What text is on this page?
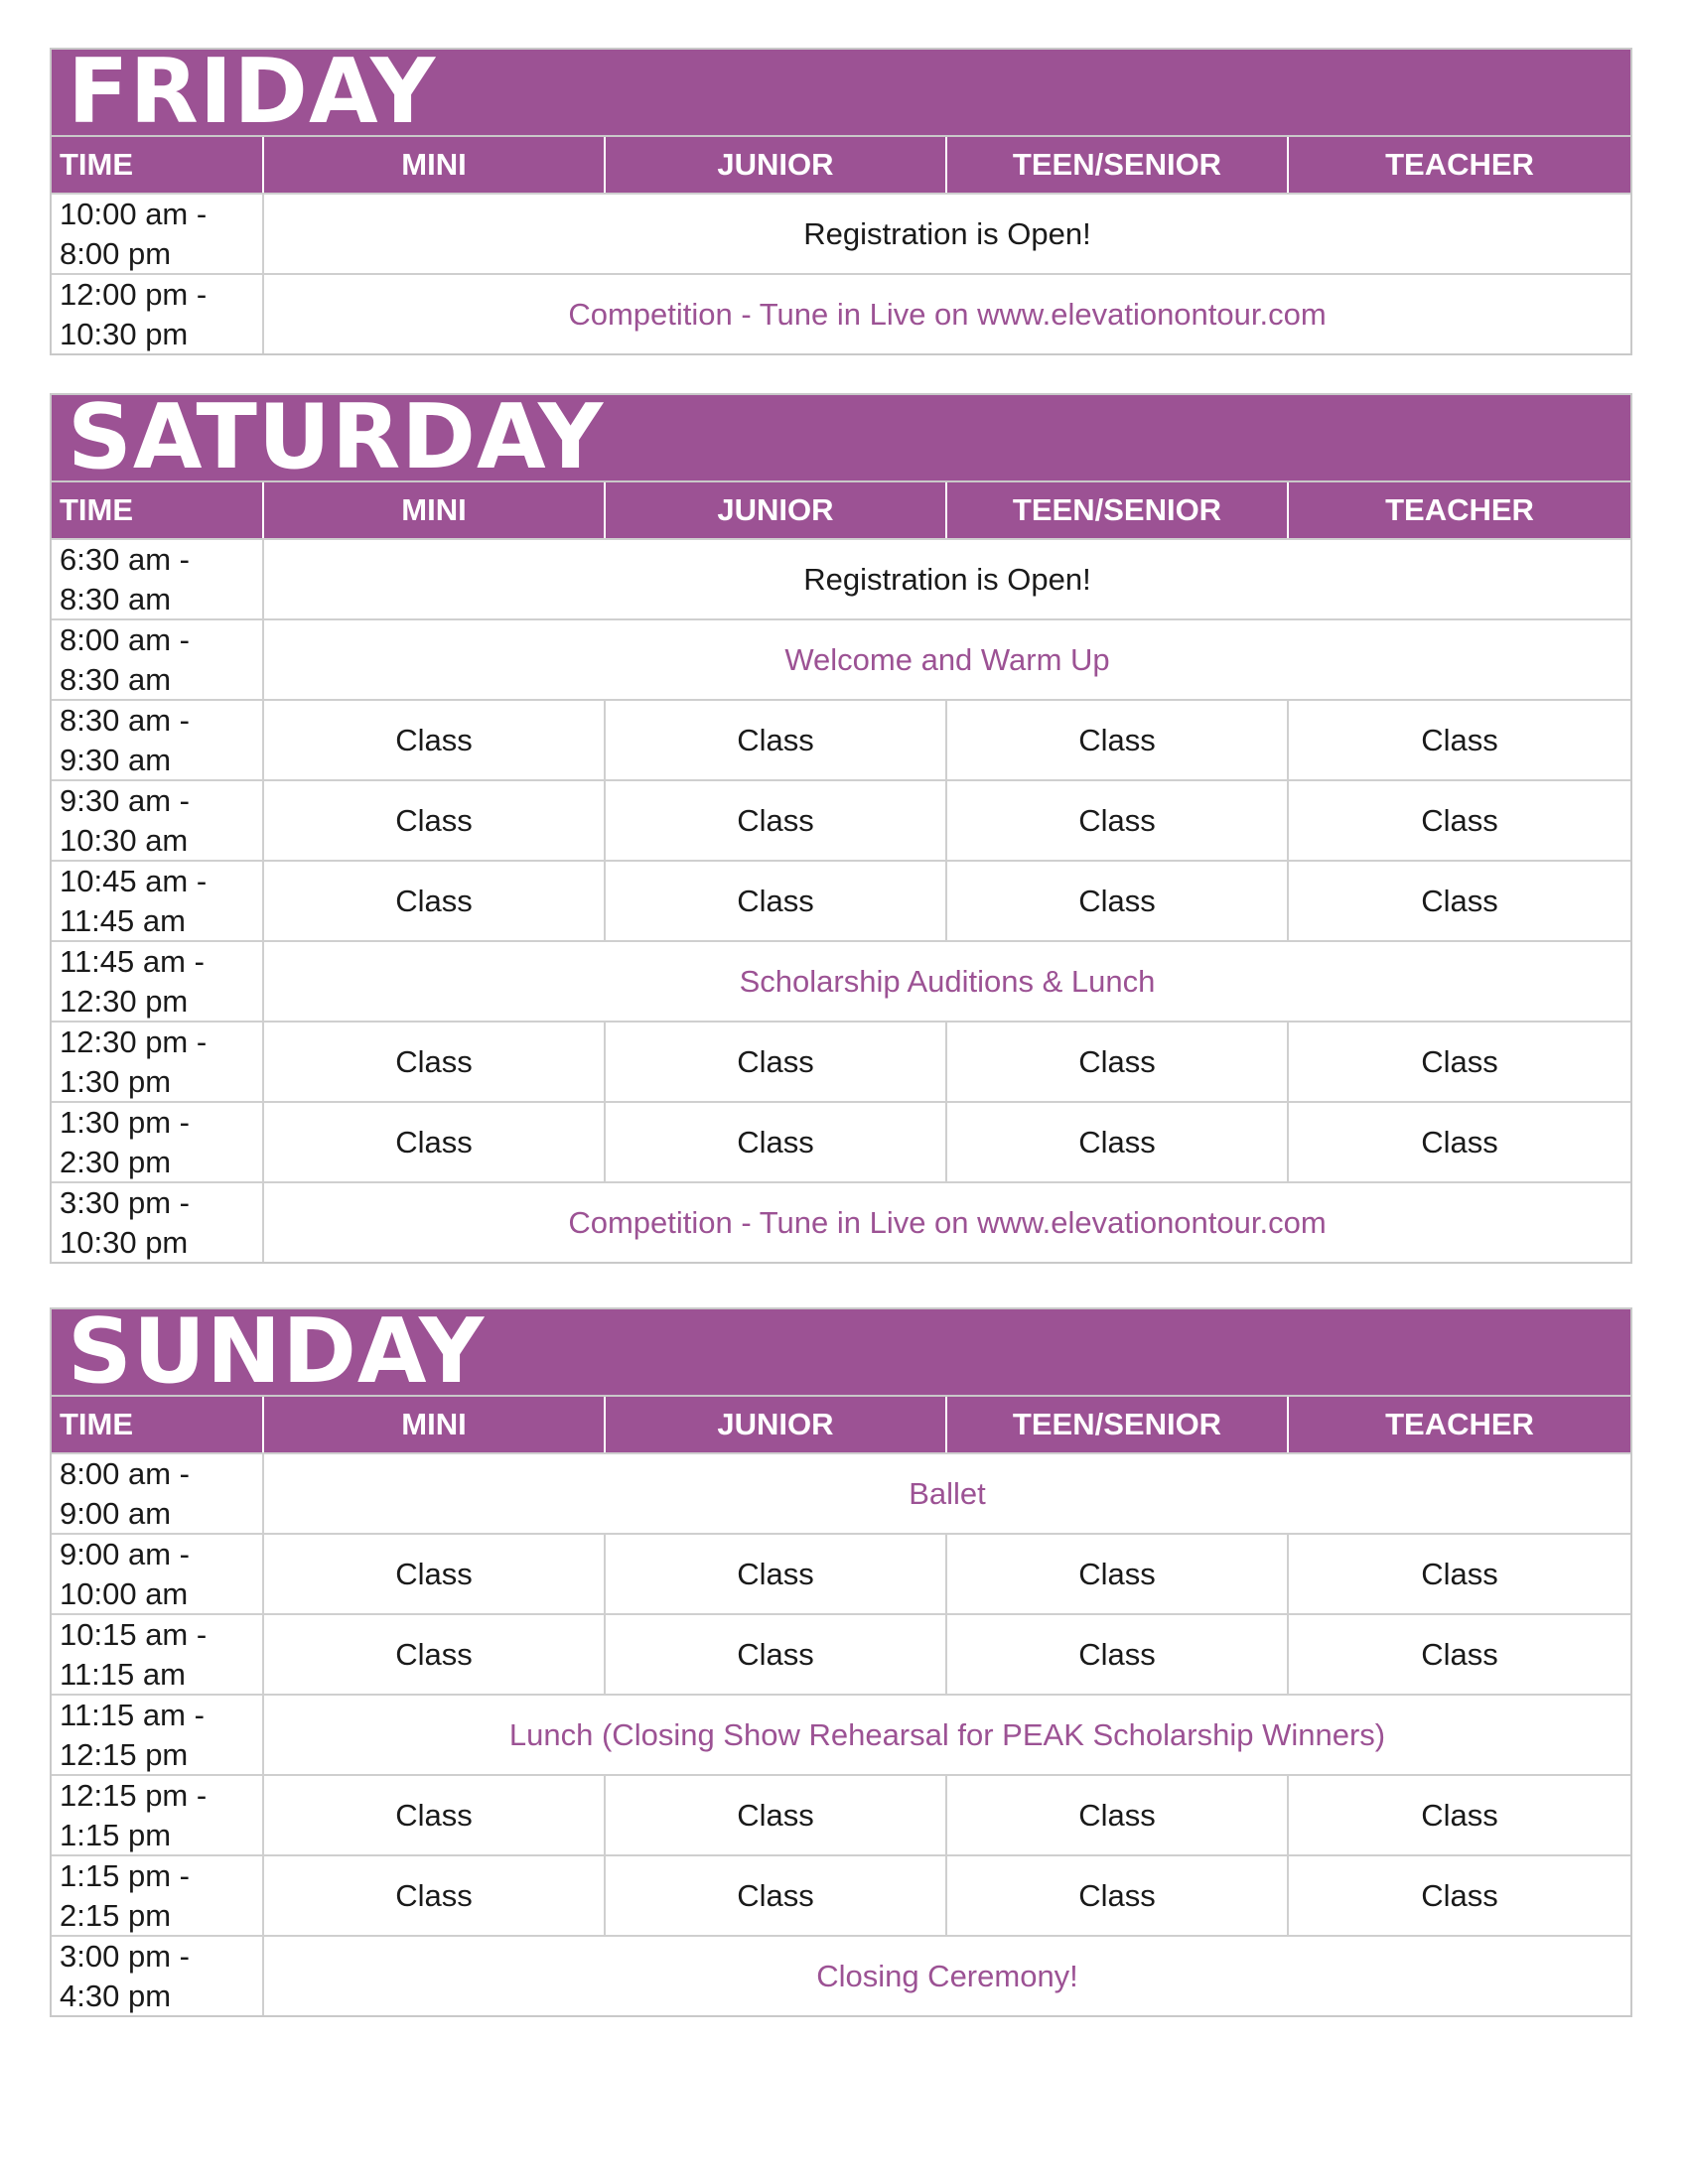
FRIDAY
TIME	MINI	JUNIOR	TEEN/SENIOR	TEACHER
10:00 am -
8:00 pm
Registration is Open!
12:00 pm -
10:30 pm
Competition - Tune in Live on www.elevationontour.com
SATURDAY
TIME	MINI	JUNIOR	TEEN/SENIOR	TEACHER
6:30 am -
8:30 am
Registration is Open!
8:00 am -
8:30 am
Welcome and Warm Up
8:30 am -
9:30 am
Class	Class	Class	Class
9:30 am -
10:30 am
Class	Class	Class	Class
10:45 am -
11:45 am
Class	Class	Class	Class
11:45 am -
12:30 pm
Scholarship Auditions & Lunch
12:30 pm -
1:30 pm
Class	Class	Class	Class
1:30 pm -
2:30 pm
Class	Class	Class	Class
3:30 pm -
10:30 pm
Competition - Tune in Live on www.elevationontour.com
SUNDAY
TIME	MINI	JUNIOR	TEEN/SENIOR	TEACHER
8:00 am -
9:00 am
Ballet
9:00 am -
10:00 am
Class	Class	Class	Class
10:15 am -
11:15 am
Class	Class	Class	Class
11:15 am -
12:15 pm
Lunch (Closing Show Rehearsal for PEAK Scholarship Winners)
12:15 pm -
1:15 pm
Class	Class	Class	Class
1:15 pm -
2:15 pm
Class	Class	Class	Class
3:00 pm -
4:30 pm
Closing Ceremony!
